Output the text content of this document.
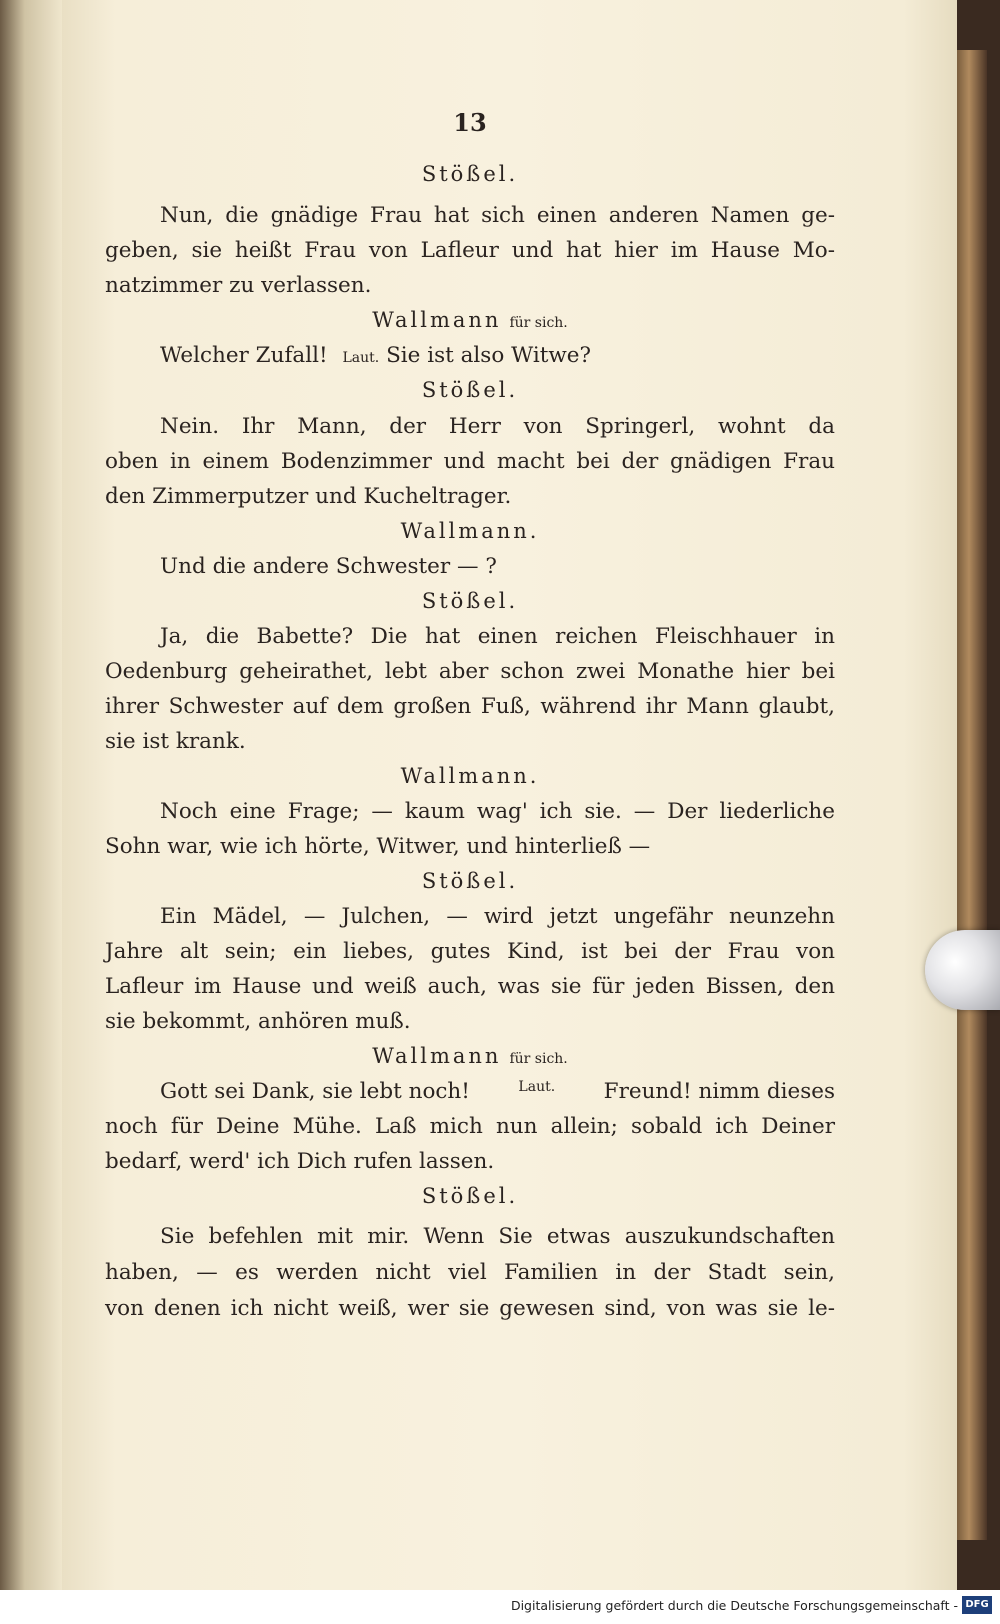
13
Stößel.
Nun, die gnädige Frau hat sich einen anderen Namen ge-
geben, sie heißt Frau von Lafleur und hat hier im Hause Mo-
natzimmer zu verlassen.
Wallmann für sich.
Welcher Zufall! Laut. Sie ist also Witwe?
Stößel.
Nein. Ihr Mann, der Herr von Springerl, wohnt da
oben in einem Bodenzimmer und macht bei der gnädigen Frau
den Zimmerputzer und Kucheltrager.
Wallmann.
Und die andere Schwester — ?
Stößel.
Ja, die Babette? Die hat einen reichen Fleischhauer in
Oedenburg geheirathet, lebt aber schon zwei Monathe hier bei
ihrer Schwester auf dem großen Fuß, während ihr Mann glaubt,
sie ist krank.
Wallmann.
Noch eine Frage; — kaum wag' ich sie. — Der liederliche
Sohn war, wie ich hörte, Witwer, und hinterließ —
Stößel.
Ein Mädel, — Julchen, — wird jetzt ungefähr neunzehn
Jahre alt sein; ein liebes, gutes Kind, ist bei der Frau von
Lafleur im Hause und weiß auch, was sie für jeden Bissen, den
sie bekommt, anhören muß.
Wallmann für sich.
Gott sei Dank, sie lebt noch!	Laut. Freund! nimm dieses
noch für Deine Mühe. Laß mich nun allein; sobald ich Deiner
bedarf, werd' ich Dich rufen lassen.
Stößel.
Sie befehlen mit mir. Wenn Sie etwas auszukundschaften
haben, — es werden nicht viel Familien in der Stadt sein,
von denen ich nicht weiß, wer sie gewesen sind, von was sie le-
Digitalisierung gefördert durch die Deutsche Forschungsgemeinschaft - DFG
